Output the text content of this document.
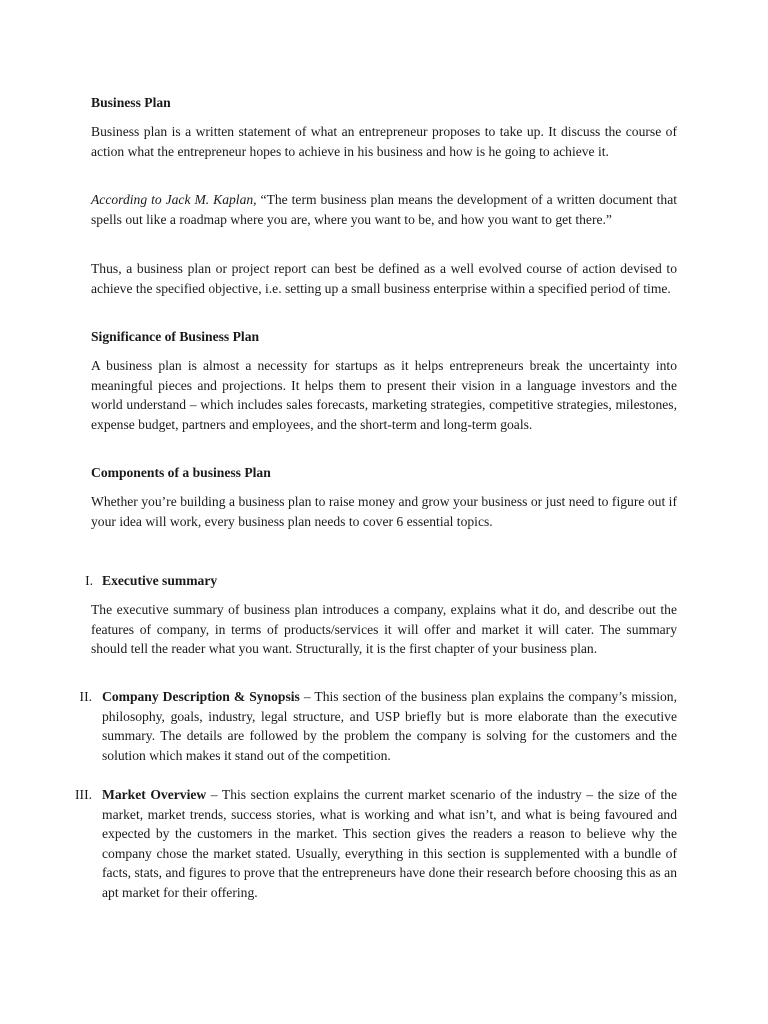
Business Plan

Business plan is a written statement of what an entrepreneur proposes to take up. It discuss the course of action what the entrepreneur hopes to achieve in his business and how is he going to achieve it.

According to Jack M. Kaplan, “The term business plan means the development of a written document that spells out like a roadmap where you are, where you want to be, and how you want to get there.”

Thus, a business plan or project report can best be defined as a well evolved course of action devised to achieve the specified objective, i.e. setting up a small business enterprise within a specified period of time.

Significance of Business Plan

A business plan is almost a necessity for startups as it helps entrepreneurs break the uncertainty into meaningful pieces and projections. It helps them to present their vision in a language investors and the world understand – which includes sales forecasts, marketing strategies, competitive strategies, milestones, expense budget, partners and employees, and the short-term and long-term goals.

Components of a business Plan

Whether you’re building a business plan to raise money and grow your business or just need to figure out if your idea will work, every business plan needs to cover 6 essential topics.

I. Executive summary

The executive summary of business plan introduces a company, explains what it do, and describe out the features of company, in terms of products/services it will offer and market it will cater. The summary should tell the reader what you want. Structurally, it is the first chapter of your business plan.

II. Company Description & Synopsis – This section of the business plan explains the company’s mission, philosophy, goals, industry, legal structure, and USP briefly but is more elaborate than the executive summary. The details are followed by the problem the company is solving for the customers and the solution which makes it stand out of the competition.

III. Market Overview – This section explains the current market scenario of the industry – the size of the market, market trends, success stories, what is working and what isn’t, and what is being favoured and expected by the customers in the market. This section gives the readers a reason to believe why the company chose the market stated. Usually, everything in this section is supplemented with a bundle of facts, stats, and figures to prove that the entrepreneurs have done their research before choosing this as an apt market for their offering.
